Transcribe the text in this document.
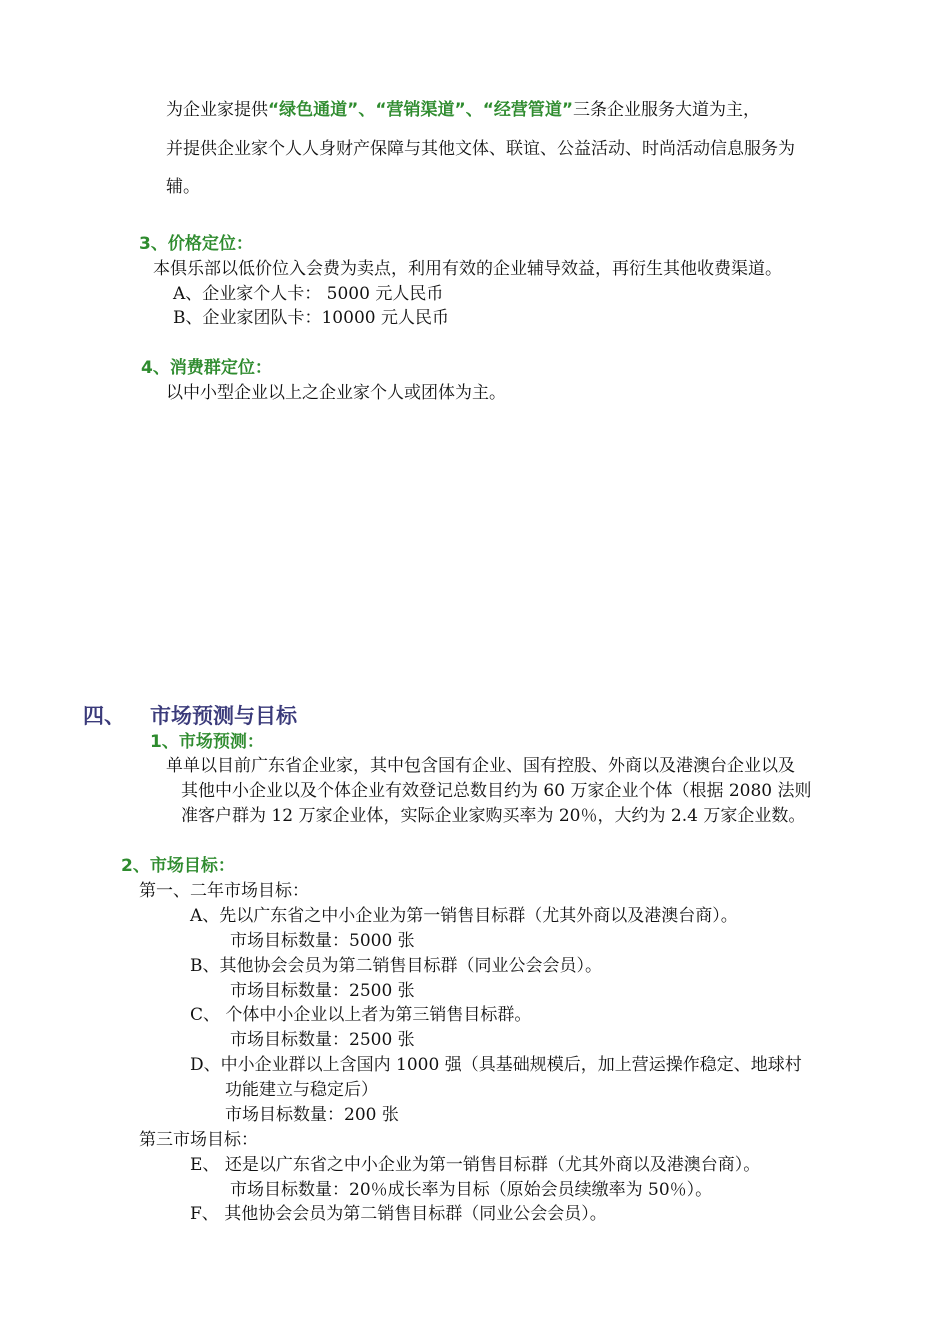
为企业家提供“绿色通道”、“营销渠道”、“经营管道”三条企业服务大道为主，
并提供企业家个人人身财产保障与其他文体、联谊、公益活动、时尚活动信息服务为
辅。
3、价格定位：
本俱乐部以低价位入会费为卖点，利用有效的企业辅导效益，再衍生其他收费渠道。
A、企业家个人卡： 5000 元人民币
B、企业家团队卡：10000 元人民币
4、消费群定位：
以中小型企业以上之企业家个人或团体为主。
四、 市场预测与目标
1、市场预测：
单单以目前广东省企业家，其中包含国有企业、国有控股、外商以及港澳台企业以及
其他中小企业以及个体企业有效登记总数目约为 60 万家企业个体（根据 2080 法则
准客户群为 12 万家企业体，实际企业家购买率为 20％，大约为 2.4 万家企业数。
2、市场目标：
第一、二年市场目标：
A、先以广东省之中小企业为第一销售目标群（尤其外商以及港澳台商）。
市场目标数量：5000 张
B、其他协会会员为第二销售目标群（同业公会会员）。
市场目标数量：2500 张
C、 个体中小企业以上者为第三销售目标群。
市场目标数量：2500 张
D、中小企业群以上含国内 1000 强（具基础规模后，加上营运操作稳定、地球村
功能建立与稳定后）
市场目标数量：200 张
第三市场目标：
E、 还是以广东省之中小企业为第一销售目标群（尤其外商以及港澳台商）。
市场目标数量：20％成长率为目标（原始会员续缴率为 50％）。
F、 其他协会会员为第二销售目标群（同业公会会员）。
